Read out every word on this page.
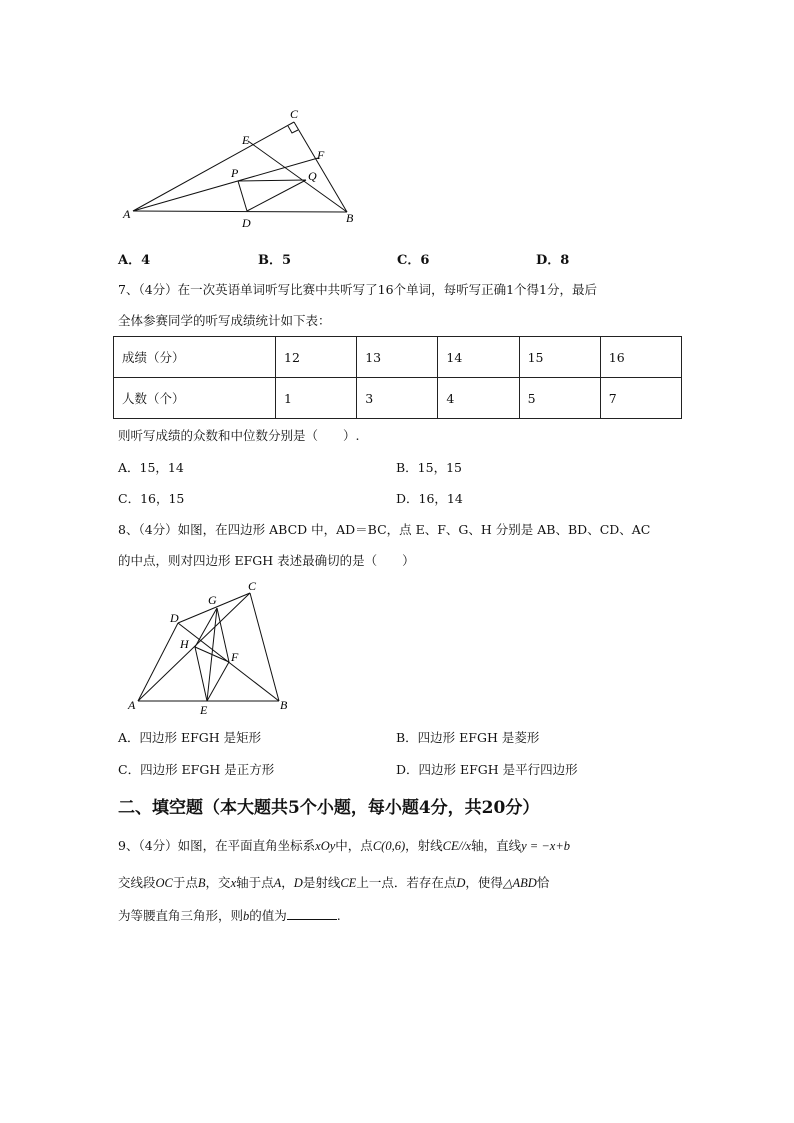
C
E
F
P	Q
A
D	B
A．4	B．5	C．6	D．8
7、（4分）在一次英语单词听写比赛中共听写了16个单词，每听写正确1个得1分，最后
全体参赛同学的听写成绩统计如下表：
成绩（分）	12	13	14	15	16
人数（个）	1	3	4	5	7
则听写成绩的众数和中位数分别是（　　）.
A．15，14	B．15，15
C．16，15	D．16，14
8、（4分）如图，在四边形 ABCD 中，AD＝BC，点 E、F、G、H 分别是 AB、BD、CD、AC
的中点，则对四边形 EFGH 表述最确切的是（　　）
C
G
D
H
F
A	E	B
A．四边形 EFGH 是矩形	B．四边形 EFGH 是菱形
C．四边形 EFGH 是正方形	D．四边形 EFGH 是平行四边形
二、填空题（本大题共5个小题，每小题4分，共20分）
9、（4分）如图，在平面直角坐标系xOy中，点C(0,6)，射线CE//x轴，直线y = −x+b
交线段OC于点B，交x轴于点A，D是射线CE上一点．若存在点D，使得△ABD恰
为等腰直角三角形，则b的值为	.
